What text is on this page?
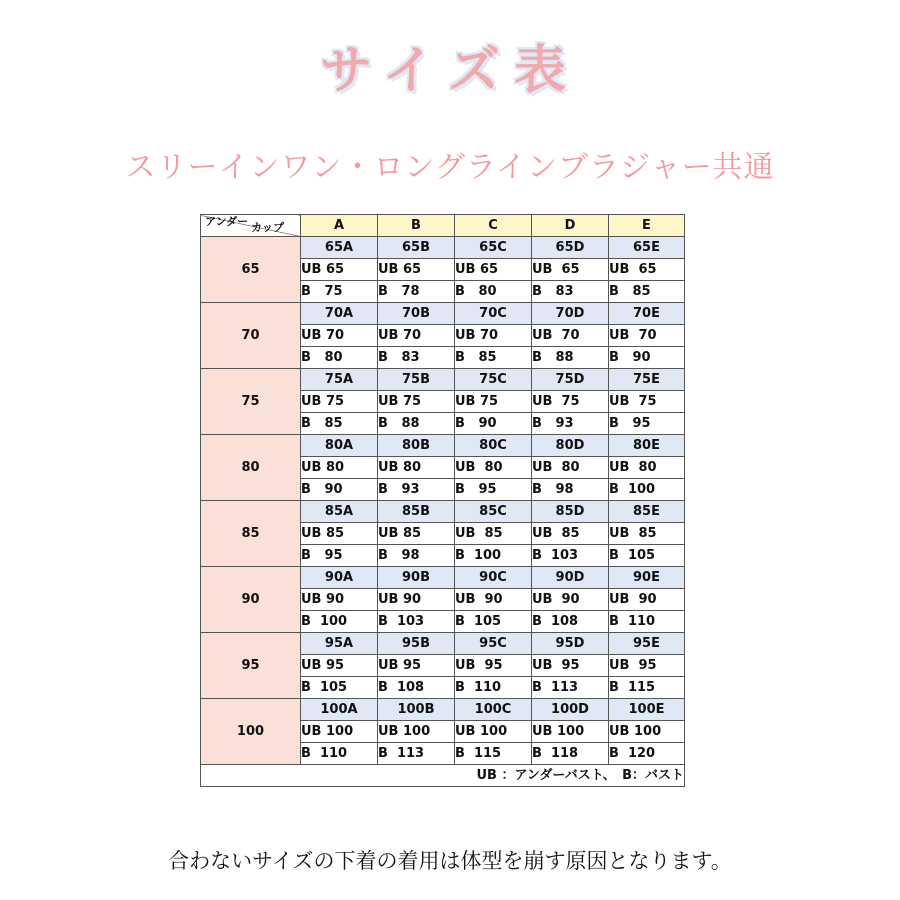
サイズ表
スリーインワン・ロングラインブラジャー共通
カップ
アンダー	A	B	C	D	E
65	65A	65B	65C	65D	65E
	UB 65	UB 65	UB 65	UB  65	UB  65
	B   75	B   78	B   80	B   83	B   85
70	70A	70B	70C	70D	70E
	UB 70	UB 70	UB 70	UB  70	UB  70
	B   80	B   83	B   85	B   88	B   90
75	75A	75B	75C	75D	75E
	UB 75	UB 75	UB 75	UB  75	UB  75
	B   85	B   88	B   90	B   93	B   95
80	80A	80B	80C	80D	80E
	UB 80	UB 80	UB  80	UB  80	UB  80
	B   90	B   93	B   95	B   98	B  100
85	85A	85B	85C	85D	85E
	UB 85	UB 85	UB  85	UB  85	UB  85
	B   95	B   98	B  100	B  103	B  105
90	90A	90B	90C	90D	90E
	UB 90	UB 90	UB  90	UB  90	UB  90
	B  100	B  103	B  105	B  108	B  110
95	95A	95B	95C	95D	95E
	UB 95	UB 95	UB  95	UB  95	UB  95
	B  105	B  108	B  110	B  113	B  115
100	100A	100B	100C	100D	100E
	UB 100	UB 100	UB 100	UB 100	UB 100
	B  110	B  113	B  115	B  118	B  120
UB ：アンダーバスト、　B：バスト					
合わないサイズの下着の着用は体型を崩す原因となります。
